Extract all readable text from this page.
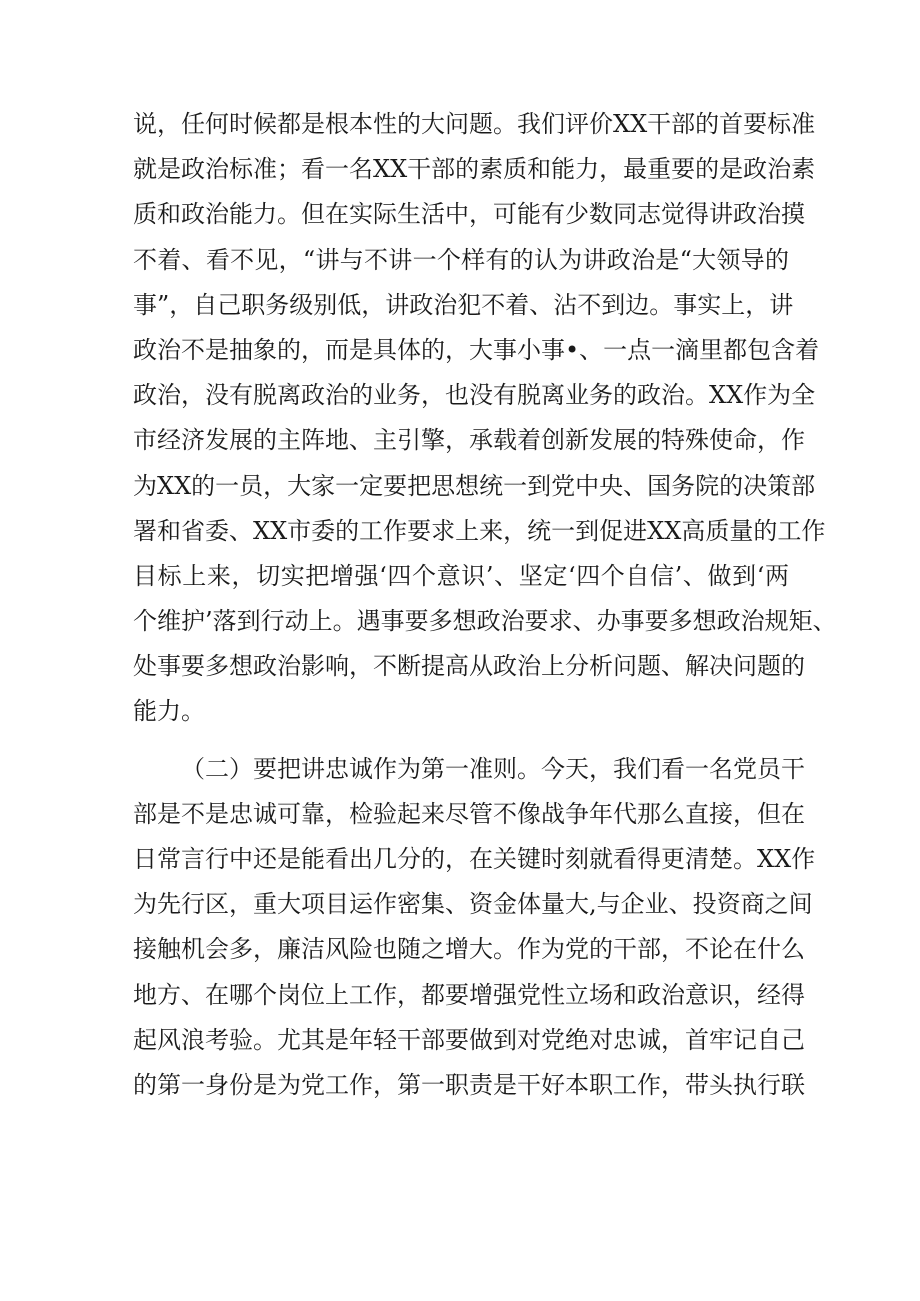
说，任何时候都是根本性的大问题。我们评价XX干部的首要标准
就是政治标准；看一名XX干部的素质和能力，最重要的是政治素
质和政治能力。但在实际生活中，可能有少数同志觉得讲政治摸
不着、看不见，“讲与不讲一个样有的认为讲政治是“大领导的
事”，自己职务级别低，讲政治犯不着、沾不到边。事实上，讲
政治不是抽象的，而是具体的，大事小事•、一点一滴里都包含着
政治，没有脱离政治的业务，也没有脱离业务的政治。XX作为全
市经济发展的主阵地、主引擎，承载着创新发展的特殊使命，作
为XX的一员，大家一定要把思想统一到党中央、国务院的决策部
署和省委、XX市委的工作要求上来，统一到促进XX高质量的工作
目标上来，切实把增强‘四个意识’、坚定‘四个自信’、做到‘两
个维护’落到行动上。遇事要多想政治要求、办事要多想政治规矩、
处事要多想政治影响，不断提高从政治上分析问题、解决问题的
能力。
（二）要把讲忠诚作为第一准则。今天，我们看一名党员干
部是不是忠诚可靠，检验起来尽管不像战争年代那么直接，但在
日常言行中还是能看出几分的，在关键时刻就看得更清楚。XX作
为先行区，重大项目运作密集、资金体量大,与企业、投资商之间
接触机会多，廉洁风险也随之增大。作为党的干部，不论在什么
地方、在哪个岗位上工作，都要增强党性立场和政治意识，经得
起风浪考验。尤其是年轻干部要做到对党绝对忠诚，首牢记自己
的第一身份是为党工作，第一职责是干好本职工作，带头执行联
